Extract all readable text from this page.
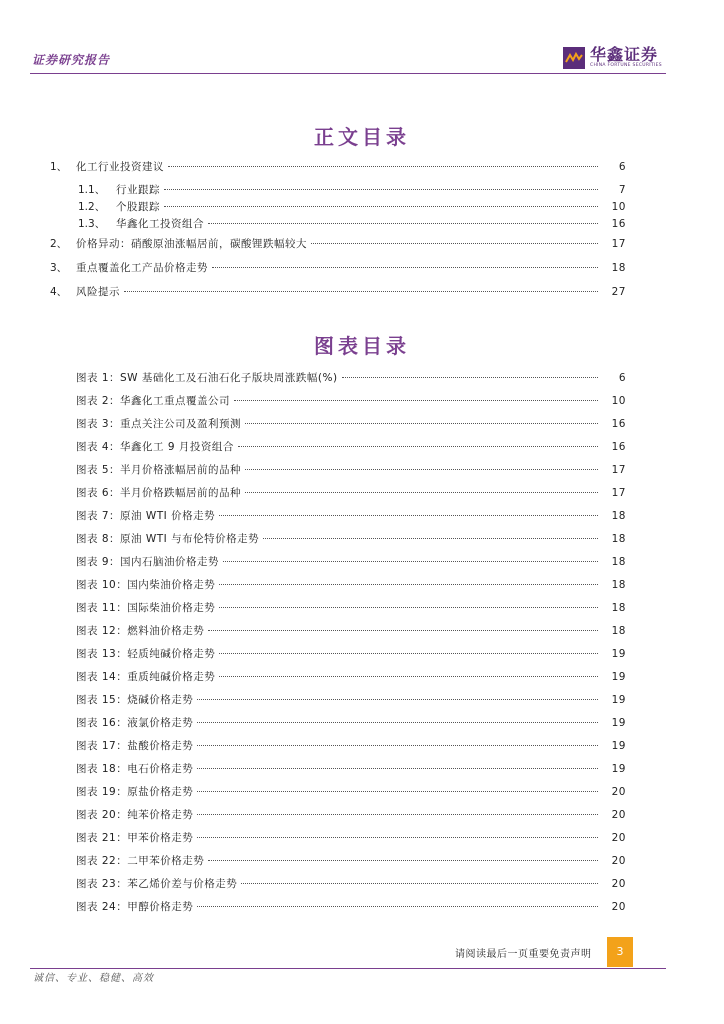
证券研究报告	华鑫证券
CHINA FORTUNE SECURITIES
正文目录
1、 化工行业投资建议	6
1.1、	行业跟踪	7
1.2、	个股跟踪	10
1.3、	华鑫化工投资组合	16
2、 价格异动：硝酸原油涨幅居前，碳酸锂跌幅较大	17
3、 重点覆盖化工产品价格走势	18
4、 风险提示	27
图表目录
图表 1：SW 基础化工及石油石化子版块周涨跌幅(%)	6
图表 2：华鑫化工重点覆盖公司	10
图表 3：重点关注公司及盈利预测	16
图表 4：华鑫化工 9 月投资组合	16
图表 5：半月价格涨幅居前的品种	17
图表 6：半月价格跌幅居前的品种	17
图表 7：原油 WTI 价格走势	18
图表 8：原油 WTI 与布伦特价格走势	18
图表 9：国内石脑油价格走势	18
图表 10：国内柴油价格走势	18
图表 11：国际柴油价格走势	18
图表 12：燃料油价格走势	18
图表 13：轻质纯碱价格走势	19
图表 14：重质纯碱价格走势	19
图表 15：烧碱价格走势	19
图表 16：液氯价格走势	19
图表 17：盐酸价格走势	19
图表 18：电石价格走势	19
图表 19：原盐价格走势	20
图表 20：纯苯价格走势	20
图表 21：甲苯价格走势	20
图表 22：二甲苯价格走势	20
图表 23：苯乙烯价差与价格走势	20
图表 24：甲醇价格走势	20
请阅读最后一页重要免责声明	3
诚信、专业、稳健、高效
